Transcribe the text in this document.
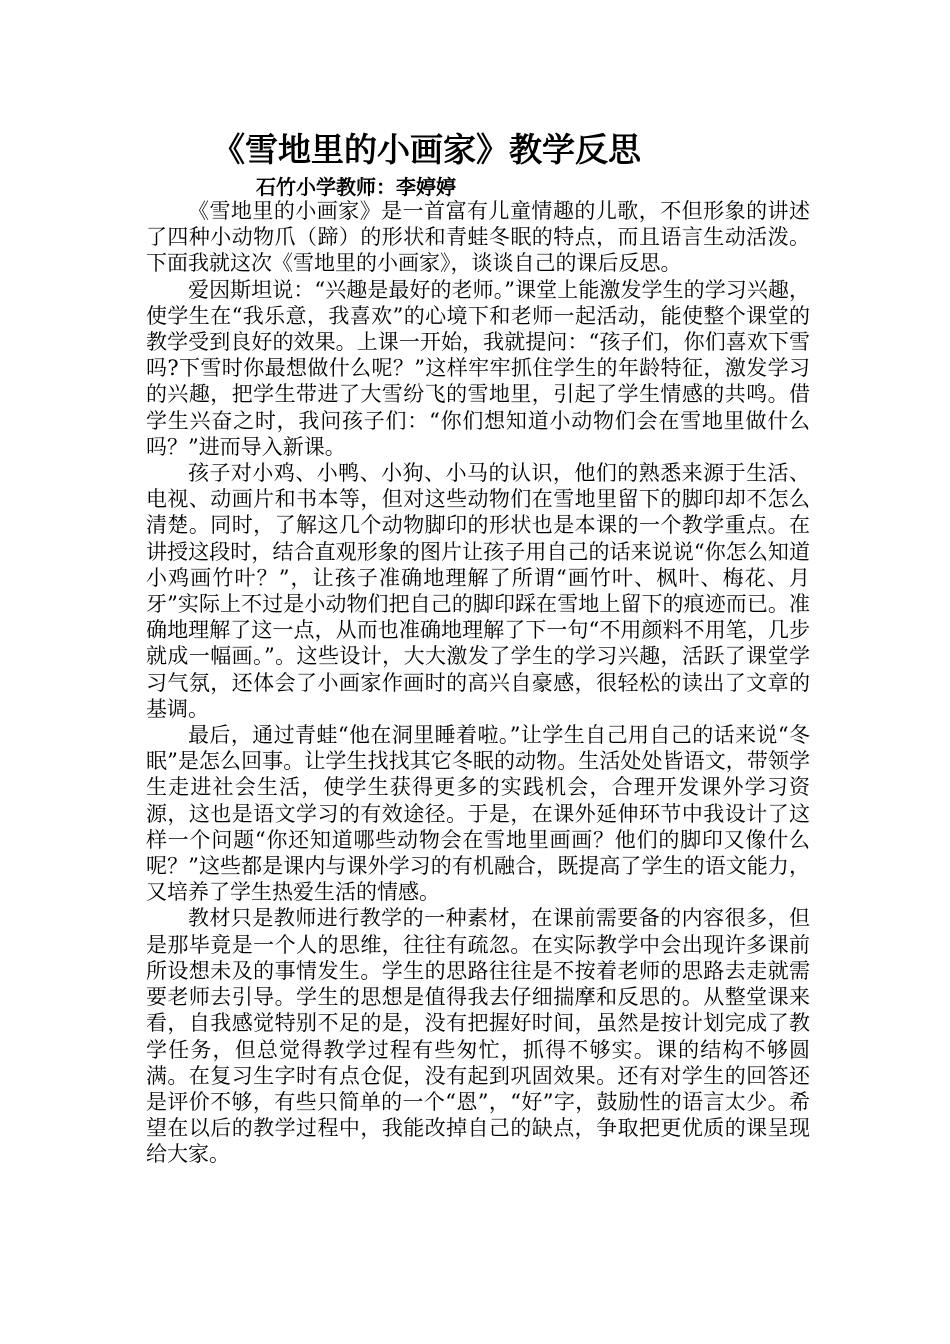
《雪地里的小画家》教学反思
石竹小学教师：李婷婷

《雪地里的小画家》是一首富有儿童情趣的儿歌，不但形象的讲述了四种小动物爪（蹄）的形状和青蛙冬眠的特点，而且语言生动活泼。下面我就这次《雪地里的小画家》，谈谈自己的课后反思。

爱因斯坦说：“兴趣是最好的老师。”课堂上能激发学生的学习兴趣，使学生在“我乐意，我喜欢”的心境下和老师一起活动，能使整个课堂的教学受到良好的效果。上课一开始，我就提问：“孩子们，你们喜欢下雪吗?下雪时你最想做什么呢？”这样牢牢抓住学生的年龄特征，激发学习的兴趣，把学生带进了大雪纷飞的雪地里，引起了学生情感的共鸣。借学生兴奋之时，我问孩子们：“你们想知道小动物们会在雪地里做什么吗？”进而导入新课。

孩子对小鸡、小鸭、小狗、小马的认识，他们的熟悉来源于生活、电视、动画片和书本等，但对这些动物们在雪地里留下的脚印却不怎么清楚。同时，了解这几个动物脚印的形状也是本课的一个教学重点。在讲授这段时，结合直观形象的图片让孩子用自己的话来说说“你怎么知道小鸡画竹叶？”，让孩子准确地理解了所谓“画竹叶、枫叶、梅花、月牙”实际上不过是小动物们把自己的脚印踩在雪地上留下的痕迹而已。准确地理解了这一点，从而也准确地理解了下一句“不用颜料不用笔，几步就成一幅画。”。这些设计，大大激发了学生的学习兴趣，活跃了课堂学习气氛，还体会了小画家作画时的高兴自豪感，很轻松的读出了文章的基调。

最后，通过青蛙“他在洞里睡着啦。”让学生自己用自己的话来说“冬眠”是怎么回事。让学生找找其它冬眠的动物。生活处处皆语文，带领学生走进社会生活，使学生获得更多的实践机会，合理开发课外学习资源，这也是语文学习的有效途径。于是，在课外延伸环节中我设计了这样一个问题“你还知道哪些动物会在雪地里画画？他们的脚印又像什么呢？”这些都是课内与课外学习的有机融合，既提高了学生的语文能力，又培养了学生热爱生活的情感。

教材只是教师进行教学的一种素材，在课前需要备的内容很多，但是那毕竟是一个人的思维，往往有疏忽。在实际教学中会出现许多课前所设想未及的事情发生。学生的思路往往是不按着老师的思路去走就需要老师去引导。学生的思想是值得我去仔细揣摩和反思的。从整堂课来看，自我感觉特别不足的是，没有把握好时间，虽然是按计划完成了教学任务，但总觉得教学过程有些匆忙，抓得不够实。课的结构不够圆满。在复习生字时有点仓促，没有起到巩固效果。还有对学生的回答还是评价不够，有些只简单的一个“恩”，“好”字，鼓励性的语言太少。希望在以后的教学过程中，我能改掉自己的缺点，争取把更优质的课呈现给大家。
